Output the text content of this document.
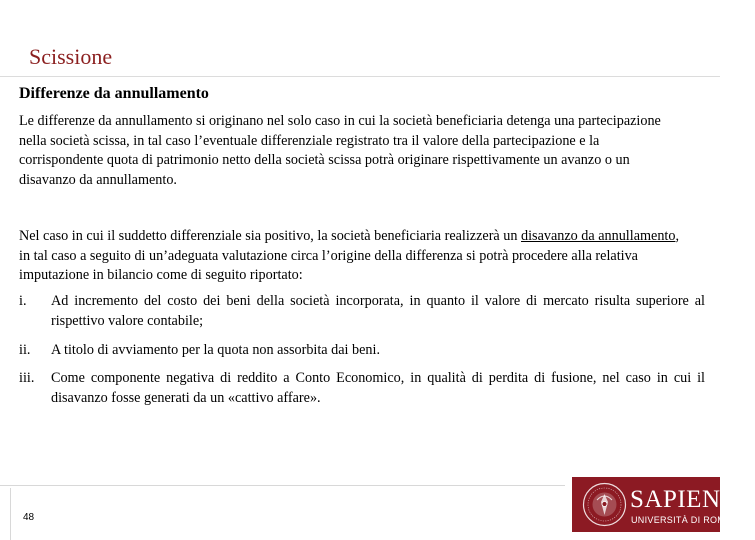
Scissione
Differenze da annullamento

Le differenze da annullamento si originano nel solo caso in cui la società beneficiaria detenga una partecipazione nella società scissa, in tal caso l’eventuale differenziale registrato tra il valore della partecipazione e la corrispondente quota di patrimonio netto della società scissa potrà originare rispettivamente un avanzo o un disavanzo da annullamento.

Nel caso in cui il suddetto differenziale sia positivo, la società beneficiaria realizzerà un disavanzo da annullamento, in tal caso a seguito di un’adeguata valutazione circa l’origine della differenza si potrà procedere alla relativa imputazione in bilancio come di seguito riportato:

i. Ad incremento del costo dei beni della società incorporata, in quanto il valore di mercato risulta superiore al rispettivo valore contabile;
ii. A titolo di avviamento per la quota non assorbita dai beni.
iii. Come componente negativa di reddito a Conto Economico, in qualità di perdita di fusione, nel caso in cui il disavanzo fosse generati da un «cattivo affare».
48
SAPIENZA
UNIVERSITÀ DI ROMA
